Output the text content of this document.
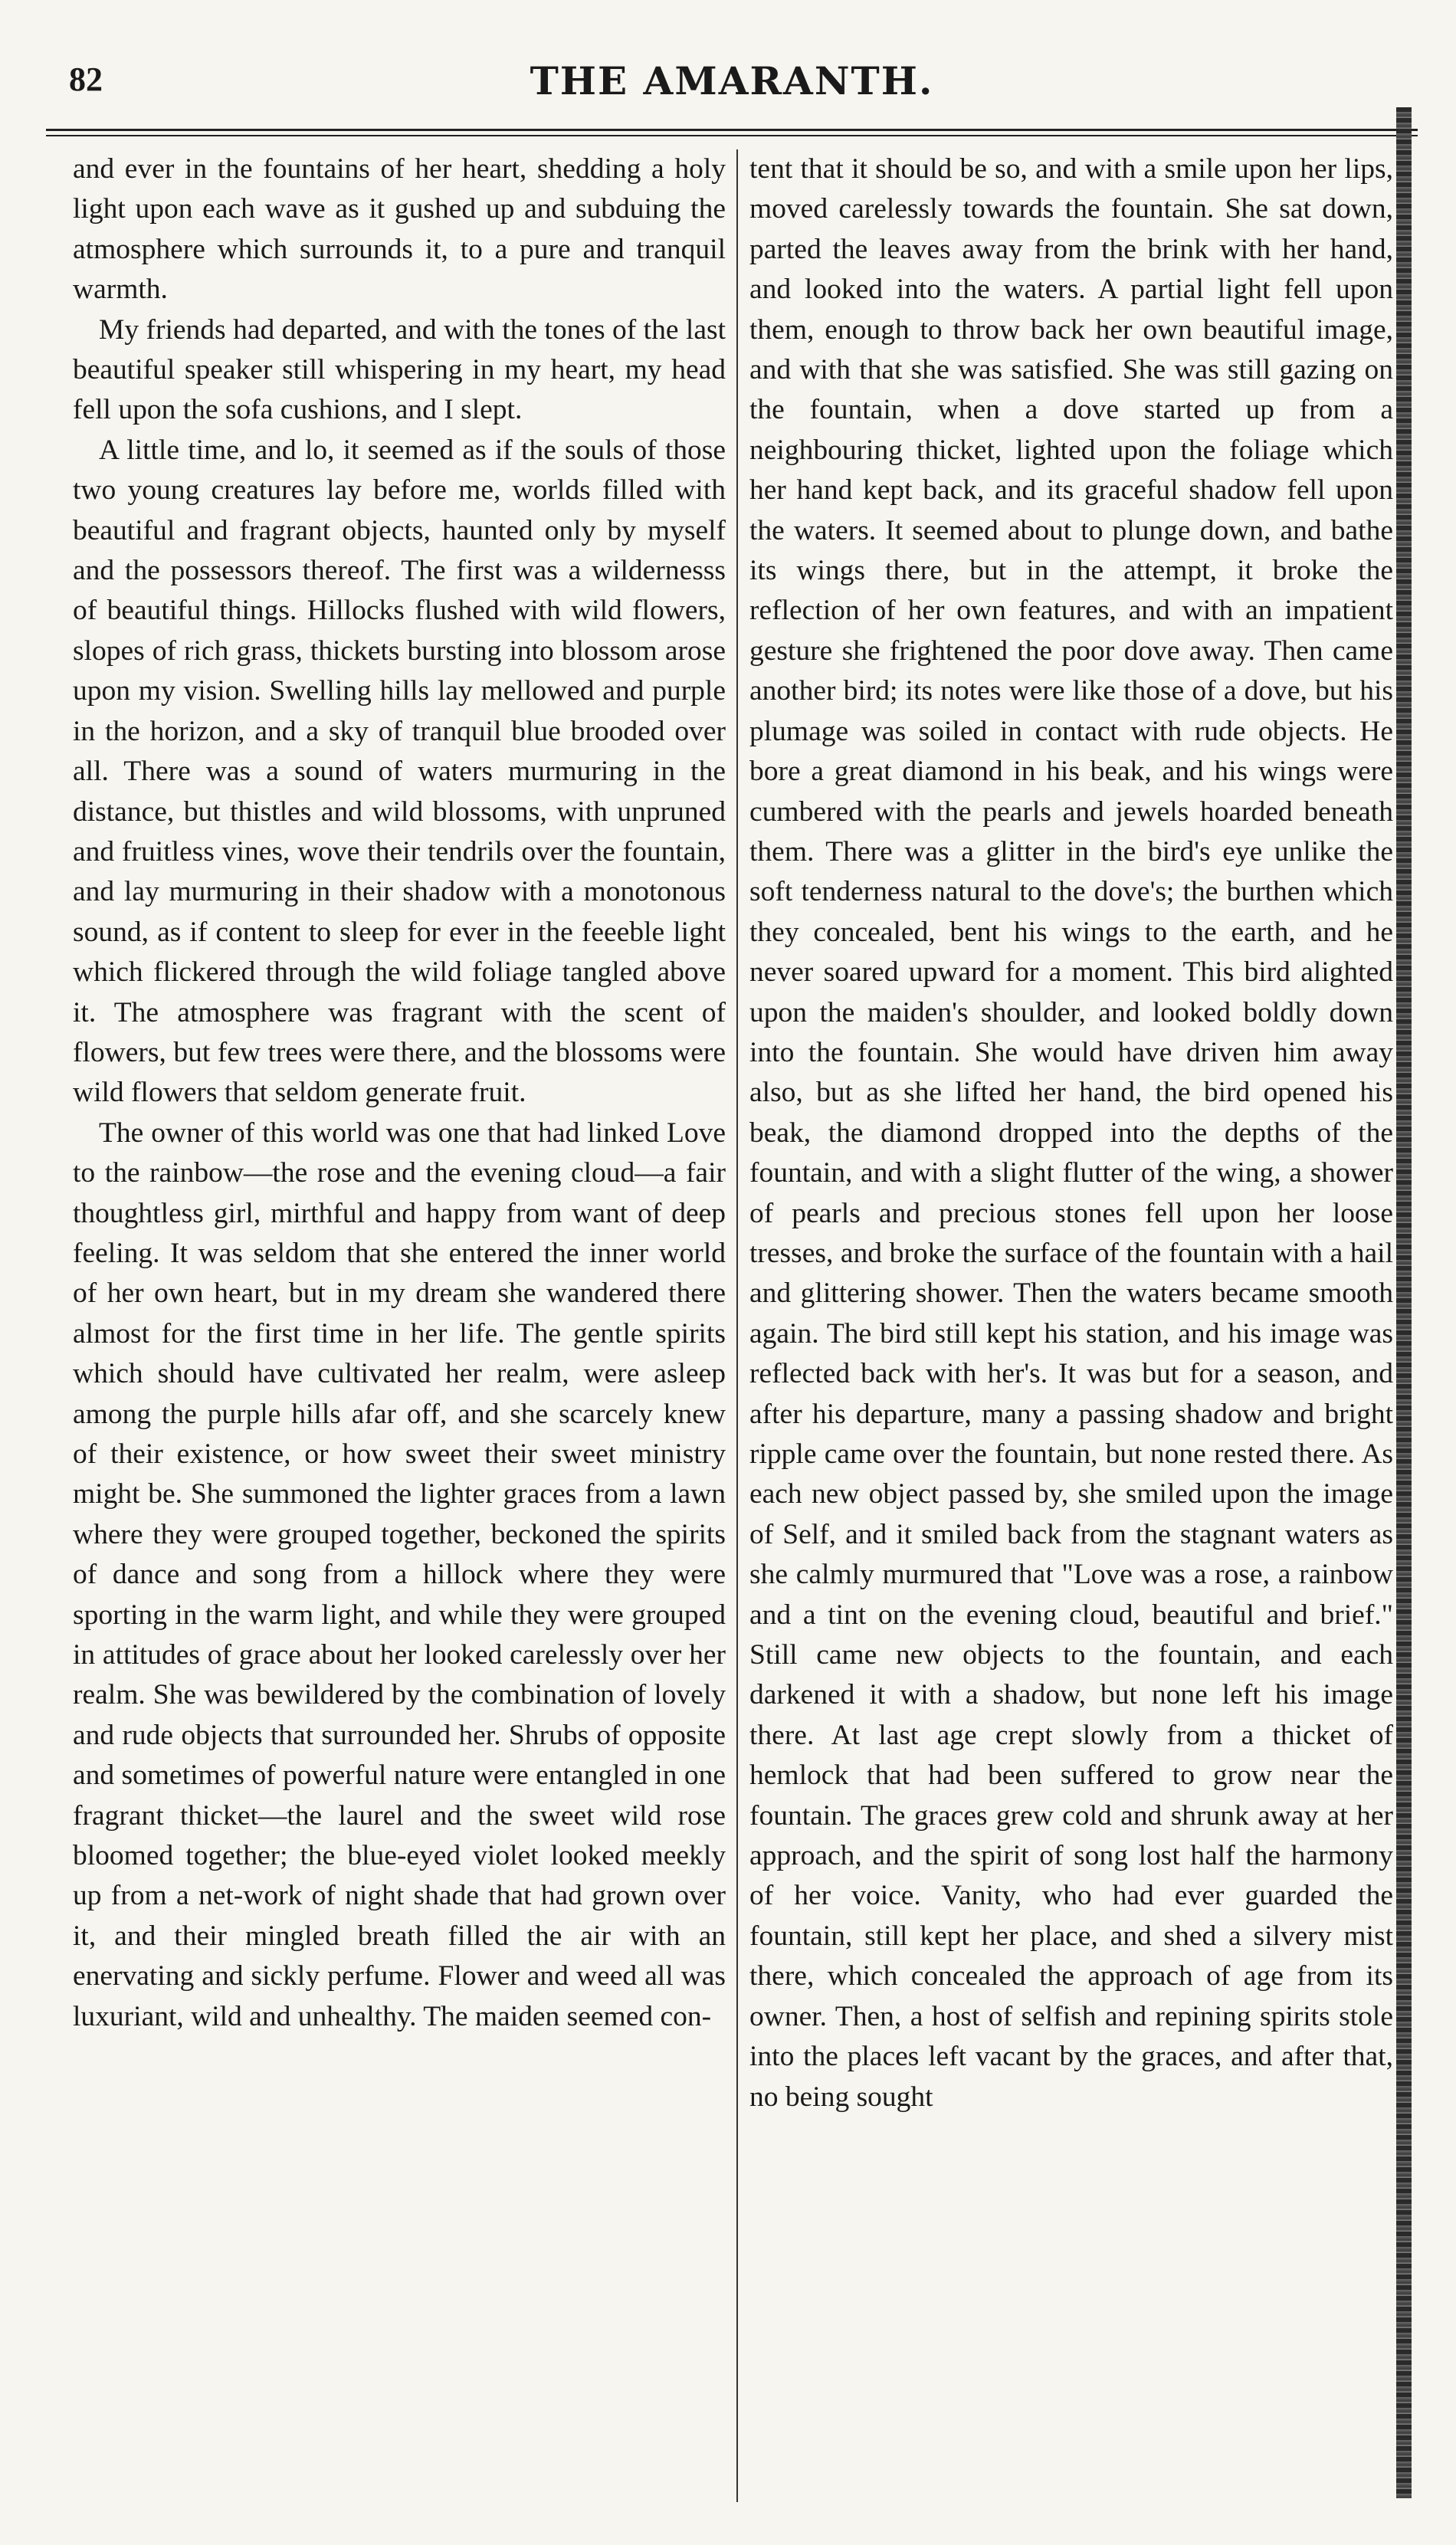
82	THE AMARANTH.

and ever in the fountains of her heart, shedding a holy light upon each wave as it gushed up and subduing the atmosphere which surrounds it, to a pure and tranquil warmth.

My friends had departed, and with the tones of the last beautiful speaker still whispering in my heart, my head fell upon the sofa cushions, and I slept.

A little time, and lo, it seemed as if the souls of those two young creatures lay before me, worlds filled with beautiful and fragrant objects, haunted only by myself and the possessors thereof. The first was a wildernesss of beautiful things. Hillocks flushed with wild flowers, slopes of rich grass, thickets bursting into blossom arose upon my vision. Swelling hills lay mellowed and purple in the horizon, and a sky of tranquil blue brooded over all. There was a sound of waters murmuring in the distance, but thistles and wild blossoms, with unpruned and fruitless vines, wove their tendrils over the fountain, and lay murmuring in their shadow with a monotonous sound, as if content to sleep for ever in the feeeble light which flickered through the wild foliage tangled above it. The atmosphere was fragrant with the scent of flowers, but few trees were there, and the blossoms were wild flowers that seldom generate fruit.

The owner of this world was one that had linked Love to the rainbow—the rose and the evening cloud—a fair thoughtless girl, mirthful and happy from want of deep feeling. It was seldom that she entered the inner world of her own heart, but in my dream she wandered there almost for the first time in her life. The gentle spirits which should have cultivated her realm, were asleep among the purple hills afar off, and she scarcely knew of their existence, or how sweet their sweet ministry might be. She summoned the lighter graces from a lawn where they were grouped together, beckoned the spirits of dance and song from a hillock where they were sporting in the warm light, and while they were grouped in attitudes of grace about her looked carelessly over her realm. She was bewildered by the combination of lovely and rude objects that surrounded her. Shrubs of opposite and sometimes of powerful nature were entangled in one fragrant thicket—the laurel and the sweet wild rose bloomed together; the blue-eyed violet looked meekly up from a net-work of night shade that had grown over it, and their mingled breath filled the air with an enervating and sickly perfume. Flower and weed all was luxuriant, wild and unhealthy. The maiden seemed con-

tent that it should be so, and with a smile upon her lips, moved carelessly towards the fountain. She sat down, parted the leaves away from the brink with her hand, and looked into the waters. A partial light fell upon them, enough to throw back her own beautiful image, and with that she was satisfied. She was still gazing on the fountain, when a dove started up from a neighbouring thicket, lighted upon the foliage which her hand kept back, and its graceful shadow fell upon the waters. It seemed about to plunge down, and bathe its wings there, but in the attempt, it broke the reflection of her own features, and with an impatient gesture she frightened the poor dove away. Then came another bird; its notes were like those of a dove, but his plumage was soiled in contact with rude objects. He bore a great diamond in his beak, and his wings were cumbered with the pearls and jewels hoarded beneath them. There was a glitter in the bird's eye unlike the soft tenderness natural to the dove's; the burthen which they concealed, bent his wings to the earth, and he never soared upward for a moment. This bird alighted upon the maiden's shoulder, and looked boldly down into the fountain. She would have driven him away also, but as she lifted her hand, the bird opened his beak, the diamond dropped into the depths of the fountain, and with a slight flutter of the wing, a shower of pearls and precious stones fell upon her loose tresses, and broke the surface of the fountain with a hail and glittering shower. Then the waters became smooth again. The bird still kept his station, and his image was reflected back with her's. It was but for a season, and after his departure, many a passing shadow and bright ripple came over the fountain, but none rested there. As each new object passed by, she smiled upon the image of Self, and it smiled back from the stagnant waters as she calmly murmured that "Love was a rose, a rainbow and a tint on the evening cloud, beautiful and brief." Still came new objects to the fountain, and each darkened it with a shadow, but none left his image there. At last age crept slowly from a thicket of hemlock that had been suffered to grow near the fountain. The graces grew cold and shrunk away at her approach, and the spirit of song lost half the harmony of her voice. Vanity, who had ever guarded the fountain, still kept her place, and shed a silvery mist there, which concealed the approach of age from its owner. Then, a host of selfish and repining spirits stole into the places left vacant by the graces, and after that, no being sought
